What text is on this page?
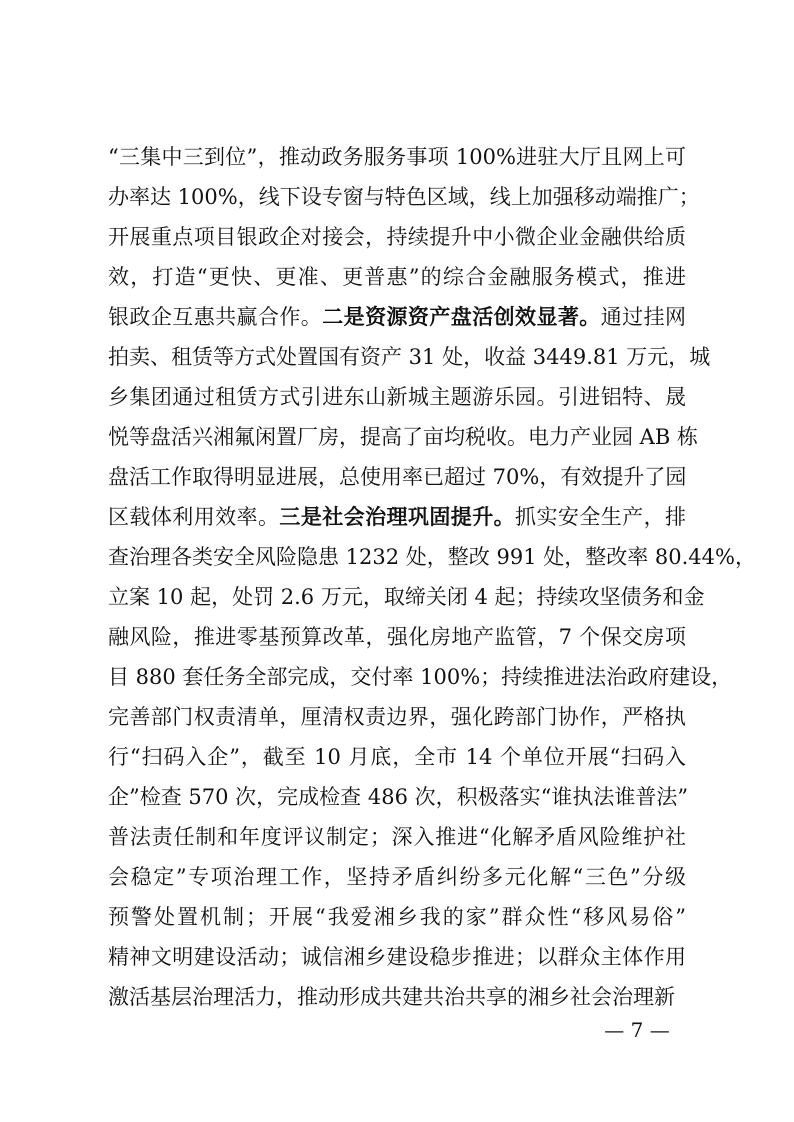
“三集中三到位”，推动政务服务事项 100%进驻大厅且网上可
办率达 100%，线下设专窗与特色区域，线上加强移动端推广；
开展重点项目银政企对接会，持续提升中小微企业金融供给质
效，打造“更快、更准、更普惠”的综合金融服务模式，推进
银政企互惠共赢合作。二是资源资产盘活创效显著。通过挂网
拍卖、租赁等方式处置国有资产 31 处，收益 3449.81 万元，城
乡集团通过租赁方式引进东山新城主题游乐园。引进铝特、晟
悦等盘活兴湘氟闲置厂房，提高了亩均税收。电力产业园 AB 栋
盘活工作取得明显进展，总使用率已超过 70%，有效提升了园
区载体利用效率。三是社会治理巩固提升。抓实安全生产，排
查治理各类安全风险隐患 1232 处，整改 991 处，整改率 80.44%，
立案 10 起，处罚 2.6 万元，取缔关闭 4 起；持续攻坚债务和金
融风险，推进零基预算改革，强化房地产监管，7 个保交房项
目 880 套任务全部完成，交付率 100%；持续推进法治政府建设，
完善部门权责清单，厘清权责边界，强化跨部门协作，严格执
行“扫码入企”，截至 10 月底，全市 14 个单位开展“扫码入
企”检查 570 次，完成检查 486 次，积极落实“谁执法谁普法”
普法责任制和年度评议制定；深入推进“化解矛盾风险维护社
会稳定”专项治理工作，坚持矛盾纠纷多元化解“三色”分级
预警处置机制；开展“我爱湘乡我的家”群众性“移风易俗”
精神文明建设活动；诚信湘乡建设稳步推进；以群众主体作用
激活基层治理活力，推动形成共建共治共享的湘乡社会治理新
— 7 —
